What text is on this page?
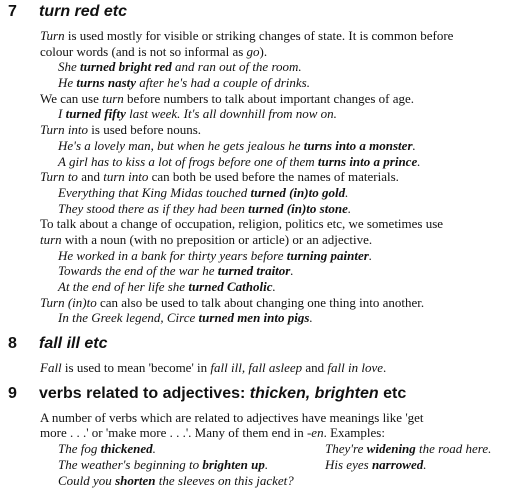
7 turn red etc
Turn is used mostly for visible or striking changes of state. It is common before
colour words (and is not so informal as go).
She turned bright red and ran out of the room.
He turns nasty after he's had a couple of drinks.
We can use turn before numbers to talk about important changes of age.
I turned fifty last week. It's all downhill from now on.
Turn into is used before nouns.
He's a lovely man, but when he gets jealous he turns into a monster.
A girl has to kiss a lot of frogs before one of them turns into a prince.
Turn to and turn into can both be used before the names of materials.
Everything that King Midas touched turned (in)to gold.
They stood there as if they had been turned (in)to stone.
To talk about a change of occupation, religion, politics etc, we sometimes use
turn with a noun (with no preposition or article) or an adjective.
He worked in a bank for thirty years before turning painter.
Towards the end of the war he turned traitor.
At the end of her life she turned Catholic.
Turn (in)to can also be used to talk about changing one thing into another.
In the Greek legend, Circe turned men into pigs.
8 fall ill etc
Fall is used to mean 'become' in fall ill, fall asleep and fall in love.
9 verbs related to adjectives: thicken, brighten etc
A number of verbs which are related to adjectives have meanings like 'get
more . . .' or 'make more . . .'. Many of them end in -en. Examples:
The fog thickened.	They're widening the road here.
The weather's beginning to brighten up.	His eyes narrowed.
Could you shorten the sleeves on this jacket?
